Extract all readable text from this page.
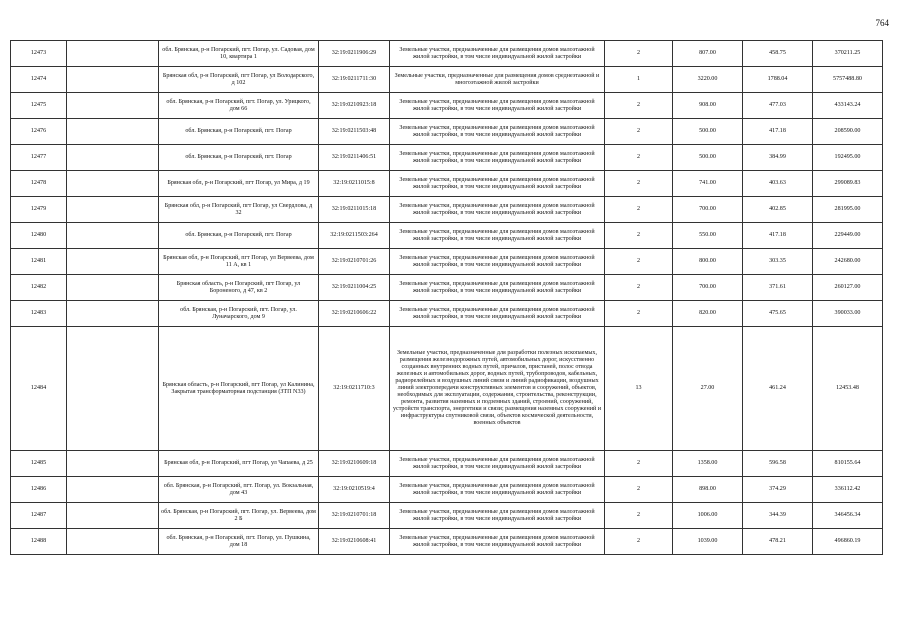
764
12473		обл. Брянская, р-н Погарский, пгт. Погар, ул. Садовая, дом 10, квартира 1	32:19:0211906:29	Земельные участки, предназначенные для размещения домов малоэтажной жилой застройки, в том числе индивидуальной жилой застройки	2	807.00	458.75	370211.25
12474		Брянская обл, р-н Погарский, пгт Погар, ул Володарского, д 102	32:19:0211711:30	Земельные участки, предназначенные для размещения домов среднеэтажной и многоэтажной жилой застройки	1	3220.00	1788.04	5757488.80
12475		обл. Брянская, р-н Погарский, пгт. Погар, ул. Урицкого, дом 66	32:19:0210923:18	Земельные участки, предназначенные для размещения домов малоэтажной жилой застройки, в том числе индивидуальной жилой застройки	2	908.00	477.03	433143.24
12476		обл. Брянская, р-н Погарский, пгт. Погар	32:19:0211503:48	Земельные участки, предназначенные для размещения домов малоэтажной жилой застройки, в том числе индивидуальной жилой застройки	2	500.00	417.18	208590.00
12477		обл. Брянская, р-н Погарский, пгт. Погар	32:19:0211406:51	Земельные участки, предназначенные для размещения домов малоэтажной жилой застройки, в том числе индивидуальной жилой застройки	2	500.00	384.99	192495.00
12478		Брянская обл, р-н Погарский, пгт Погар, ул Мира, д 19	32:19:0211015:8	Земельные участки, предназначенные для размещения домов малоэтажной жилой застройки, в том числе индивидуальной жилой застройки	2	741.00	403.63	299089.83
12479		Брянская обл, р-н Погарский, пгт Погар, ул Свердлова, д 32	32:19:0211015:18	Земельные участки, предназначенные для размещения домов малоэтажной жилой застройки, в том числе индивидуальной жилой застройки	2	700.00	402.85	281995.00
12480		обл. Брянская, р-н Погарский, пгт. Погар	32:19:0211503:264	Земельные участки, предназначенные для размещения домов малоэтажной жилой застройки, в том числе индивидуальной жилой застройки	2	550.00	417.18	229449.00
12481		Брянская обл, р-н Погарский, пгт Погар, ул Вервеева, дом 11 А, кв 1	32:19:0210701:26	Земельные участки, предназначенные для размещения домов малоэтажной жилой застройки, в том числе индивидуальной жилой застройки	2	800.00	303.35	242680.00
12482		Брянская область, р-н Погарский, пгт Погар, ул Бороненого, д 47, кв 2	32:19:0211004:25	Земельные участки, предназначенные для размещения домов малоэтажной жилой застройки, в том числе индивидуальной жилой застройки	2	700.00	371.61	260127.00
12483		обл. Брянская, р-н Погарский, пгт. Погар, ул. Луначарского, дом 9	32:19:0210606:22	Земельные участки, предназначенные для размещения домов малоэтажной жилой застройки, в том числе индивидуальной жилой застройки	2	820.00	475.65	390033.00
12484		Брянская область, р-н Погарский, пгт Погар, ул Калинина, Закрытая трансформаторная подстанция (ЗТП N33)	32:19:0211710:3	Земельные участки, предназначенные для разработки полезных ископаемых, размещения железнодорожных путей, автомобильных дорог, искусственно созданных внутренних водных путей, причалов, пристаней, полос отвода железных и автомобильных дорог, водных путей, трубопроводов, кабельных, радиорелейных и воздушных линий связи и линий радиофикации, воздушных линий электропередачи конструктивных элементов и сооружений, объектов, необходимых для эксплуатации, содержания, строительства, реконструкции, ремонта, развития наземных и подземных зданий, строений, сооружений, устройств транспорта, энергетики и связи; размещения наземных сооружений и инфраструктуры спутниковой связи, объектов космической деятельности, военных объектов	13	27.00	461.24	12453.48
12485		Брянская обл, р-н Погарский, пгт Погар, ул Чапаева, д 25	32:19:0210609:18	Земельные участки, предназначенные для размещения домов малоэтажной жилой застройки, в том числе индивидуальной жилой застройки	2	1358.00	596.58	810155.64
12486		обл. Брянская, р-н Погарский, пгт. Погар, ул. Вокзальная, дом 43	32:19:0210519:4	Земельные участки, предназначенные для размещения домов малоэтажной жилой застройки, в том числе индивидуальной жилой застройки	2	898.00	374.29	336112.42
12487		обл. Брянская, р-н Погарский, пгт. Погар, ул. Вервеева, дом 2 Б	32:19:0210701:18	Земельные участки, предназначенные для размещения домов малоэтажной жилой застройки, в том числе индивидуальной жилой застройки	2	1006.00	344.39	346456.34
12488		обл. Брянская, р-н Погарский, пгт. Погар, ул. Пушкина, дом 18	32:19:0210608:41	Земельные участки, предназначенные для размещения домов малоэтажной жилой застройки, в том числе индивидуальной жилой застройки	2	1039.00	478.21	496860.19
